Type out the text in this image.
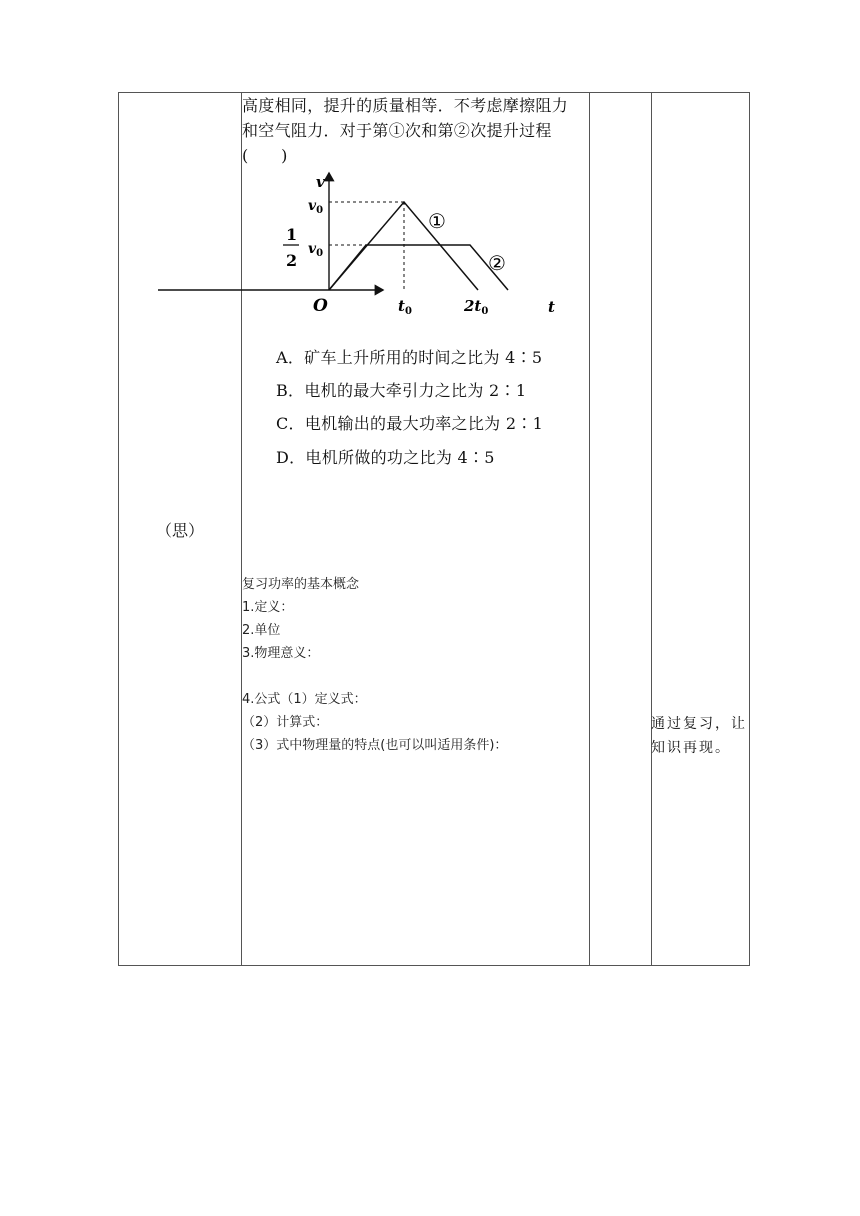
（思）

高度相同，提升的质量相等．不考虑摩擦阻力

和空气阻力．对于第①次和第②次提升过程

(　　)

A．矿车上升所用的时间之比为 4∶5
B．电机的最大牵引力之比为 2∶1
C．电机输出的最大功率之比为 2∶1
D．电机所做的功之比为 4∶5
复习功率的基本概念
1.定义：
2.单位
3.物理意义：
4.公式（1）定义式：
（2）计算式：
（3）式中物理量的特点(也可以叫适用条件)：
通过复习，让知识再现。
v
$v_0$
1
2
$v_0$
O	$t_0$	$2t_0$	t
①
②
